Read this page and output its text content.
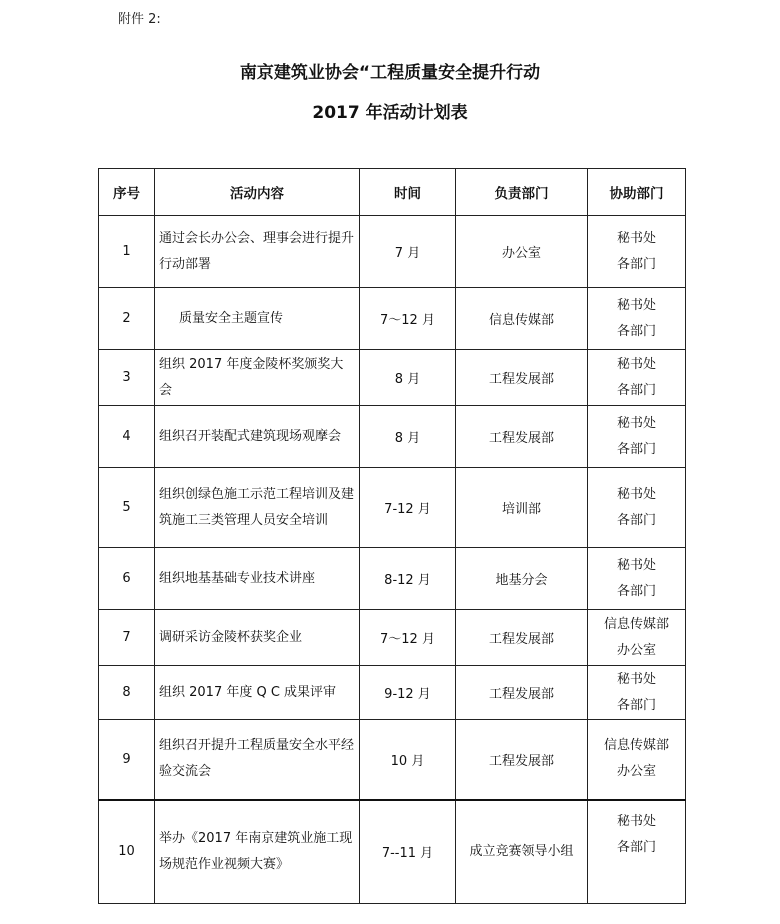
附件 2:
南京建筑业协会“工程质量安全提升行动
2017 年活动计划表
序号	活动内容	时间	负责部门	协助部门
1	通过会长办公会、理事会进行提升行动部署	7 月	办公室	秘书处
各部门

2	质量安全主题宣传	7～12 月	信息传媒部	秘书处
各部门

3	组织 2017 年度金陵杯奖颁奖大会	8 月	工程发展部	秘书处
各部门

4	组织召开装配式建筑现场观摩会	8 月	工程发展部	秘书处
各部门

5	组织创绿色施工示范工程培训及建筑施工三类管理人员安全培训	7-12 月	培训部	秘书处
各部门

6	组织地基基础专业技术讲座	8-12 月	地基分会	秘书处
各部门

7	调研采访金陵杯获奖企业	7～12 月	工程发展部	信息传媒部
办公室

8	组织 2017 年度 Q C 成果评审	9-12 月	工程发展部	秘书处
各部门

9	组织召开提升工程质量安全水平经验交流会	10 月	工程发展部	信息传媒部
办公室

10	举办《2017 年南京建筑业施工现场规范作业视频大赛》	7--11 月	成立竞赛领导小组	秘书处
各部门
